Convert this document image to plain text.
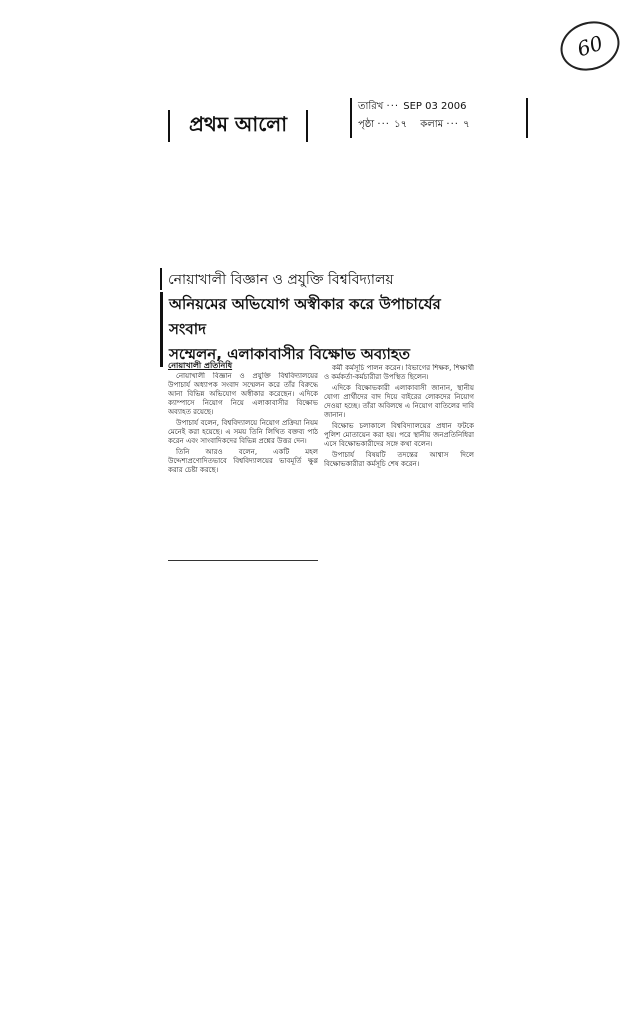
60
প্রথম আলো
তারিখ ··· SEP 03 2006
পৃষ্ঠা ··· ১৭ কলাম ··· ৭
নোয়াখালী বিজ্ঞান ও প্রযুক্তি বিশ্ববিদ্যালয়
অনিয়মের অভিযোগ অস্বীকার করে উপাচার্যের সংবাদ
সম্মেলন, এলাকাবাসীর বিক্ষোভ অব্যাহত
নোয়াখালী প্রতিনিধি

নোয়াখালী বিজ্ঞান ও প্রযুক্তি বিশ্ববিদ্যালয়ের উপাচার্য অধ্যাপক সংবাদ সম্মেলন করে তাঁর বিরুদ্ধে আনা বিভিন্ন অভিযোগ অস্বীকার করেছেন। এদিকে ক্যাম্পাসে নিয়োগ নিয়ে এলাকাবাসীর বিক্ষোভ অব্যাহত রয়েছে।

উপাচার্য বলেন, বিশ্ববিদ্যালয়ে নিয়োগ প্রক্রিয়া নিয়ম মেনেই করা হয়েছে। এ সময় তিনি লিখিত বক্তব্য পাঠ করেন এবং সাংবাদিকদের বিভিন্ন প্রশ্নের উত্তর দেন।

তিনি আরও বলেন, একটি মহল উদ্দেশ্যপ্রণোদিতভাবে বিশ্ববিদ্যালয়ের ভাবমূর্তি ক্ষুণ্ণ করার চেষ্টা করছে।

কর্মী কর্মসূচি পালন করেন। বিভাগের শিক্ষক, শিক্ষার্থী ও কর্মকর্তা-কর্মচারীরা উপস্থিত ছিলেন।

এদিকে বিক্ষোভকারী এলাকাবাসী জানান, স্থানীয় যোগ্য প্রার্থীদের বাদ দিয়ে বাইরের লোকদের নিয়োগ দেওয়া হচ্ছে। তাঁরা অবিলম্বে এ নিয়োগ বাতিলের দাবি জানান।

বিক্ষোভ চলাকালে বিশ্ববিদ্যালয়ের প্রধান ফটকে পুলিশ মোতায়েন করা হয়। পরে স্থানীয় জনপ্রতিনিধিরা এসে বিক্ষোভকারীদের সঙ্গে কথা বলেন।

উপাচার্য বিষয়টি তদন্তের আশ্বাস দিলে বিক্ষোভকারীরা কর্মসূচি শেষ করেন।
